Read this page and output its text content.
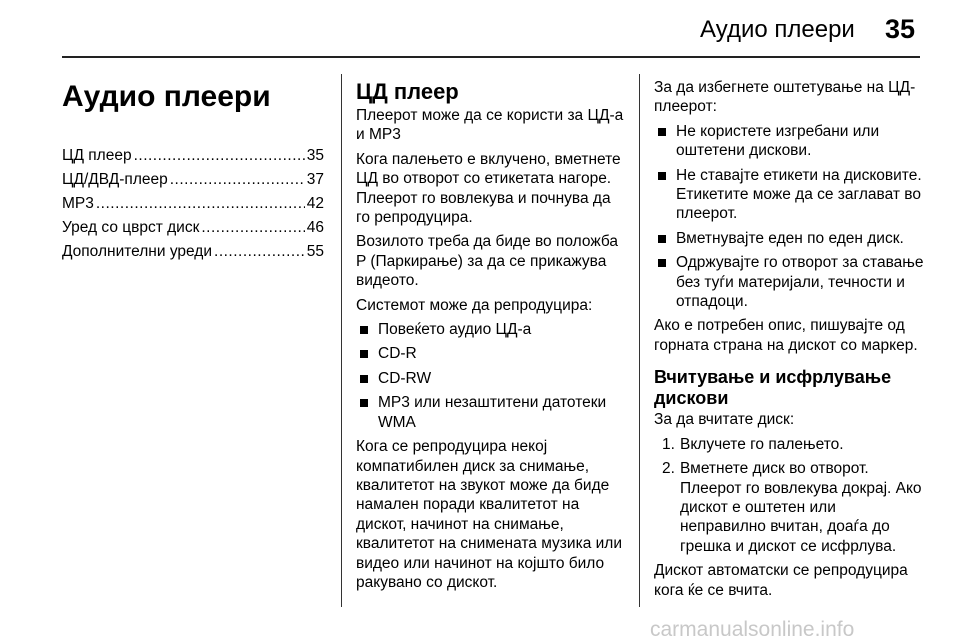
Аудио плеери 35
Аудио плеери
ЦД плеер .....	35
ЦД/ДВД-плеер .....	37
MP3 .....	42
Уред со цврст диск .....	46
Дополнителни уреди .....	55
ЦД плеер
Плеерот може да се користи за ЦД-а и MP3
Кога палењето е вклучено, вметнете ЦД во отворот со етикетата нагоре. Плеерот го вовлекува и почнува да го репродуцира.
Возилото треба да биде во положба P (Паркирање) за да се прикажува видеото.
Системот може да репродуцира:
Повеќето аудио ЦД-а
CD-R
CD-RW
MP3 или незаштитени датотеки WMA
Кога се репродуцира некој компатибилен диск за снимање, квалитетот на звукот може да биде намален поради квалитетот на дискот, начинот на снимање, квалитетот на снимената музика или видео или начинот на којшто било ракувано со дискот.
За да избегнете оштетување на ЦД-плеерот:
Не користете изгребани или оштетени дискови.
Не ставајте етикети на дисковите. Етикетите може да се заглават во плеерот.
Вметнувајте еден по еден диск.
Одржувајте го отворот за ставање без туѓи материјали, течности и отпадоци.
Ако е потребен опис, пишувајте од горната страна на дискот со маркер.
Вчитување и исфрлување дискови
За да вчитате диск:
1. Вклучете го палењето.
2. Вметнете диск во отворот. Плеерот го вовлекува докрај. Ако дискот е оштетен или неправилно вчитан, доаѓа до грешка и дискот се исфрлува.
Дискот автоматски се репродуцира кога ќе се вчита.
carmanualsonline.info
